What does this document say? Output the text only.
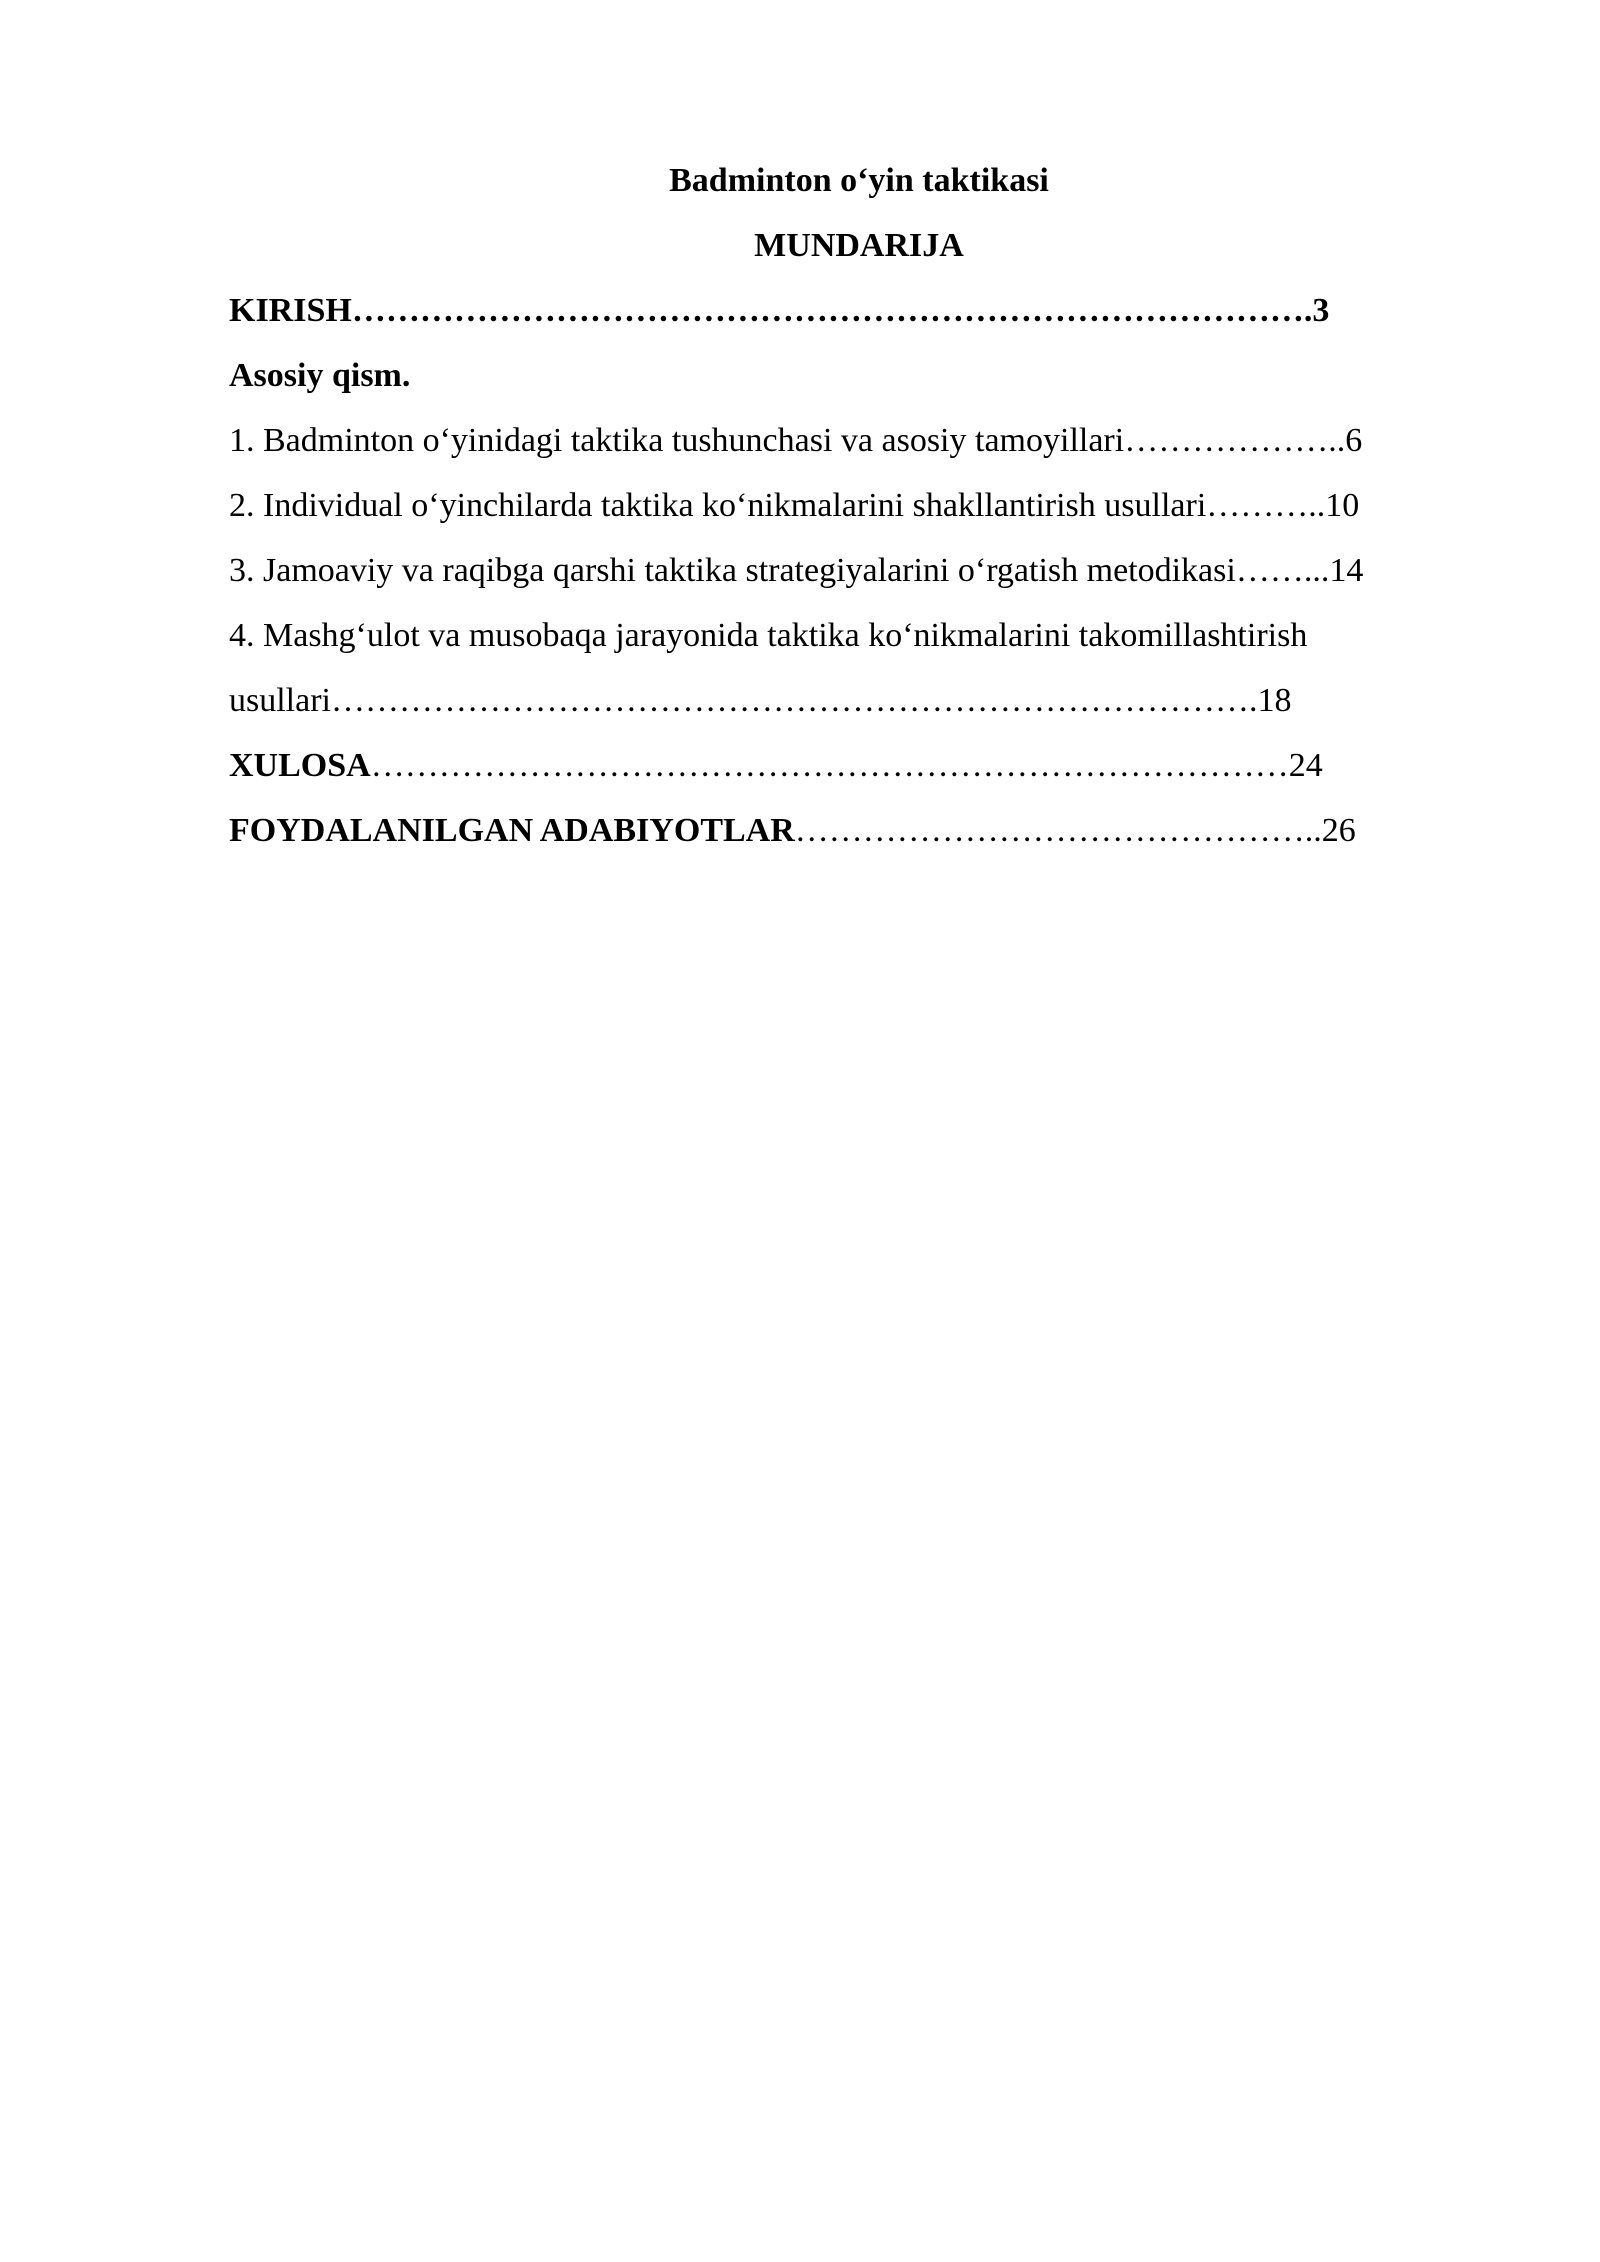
Badminton o‘yin taktikasi
MUNDARIJA
KIRISH………………………………………………………………………….3
Asosiy qism.
1. Badminton o‘yinidagi taktika tushunchasi va asosiy tamoyillari………………..6
2. Individual o‘yinchilarda taktika ko‘nikmalarini shakllantirish usullari………..10
3. Jamoaviy va raqibga qarshi taktika strategiyalarini o‘rgatish metodikasi……...14
4. Mashg‘ulot va musobaqa jarayonida taktika ko‘nikmalarini takomillashtirish
usullari……………………………………………………………………….18
XULOSA………………………………………………………………………24
FOYDALANILGAN ADABIYOTLAR………………………………………..26
